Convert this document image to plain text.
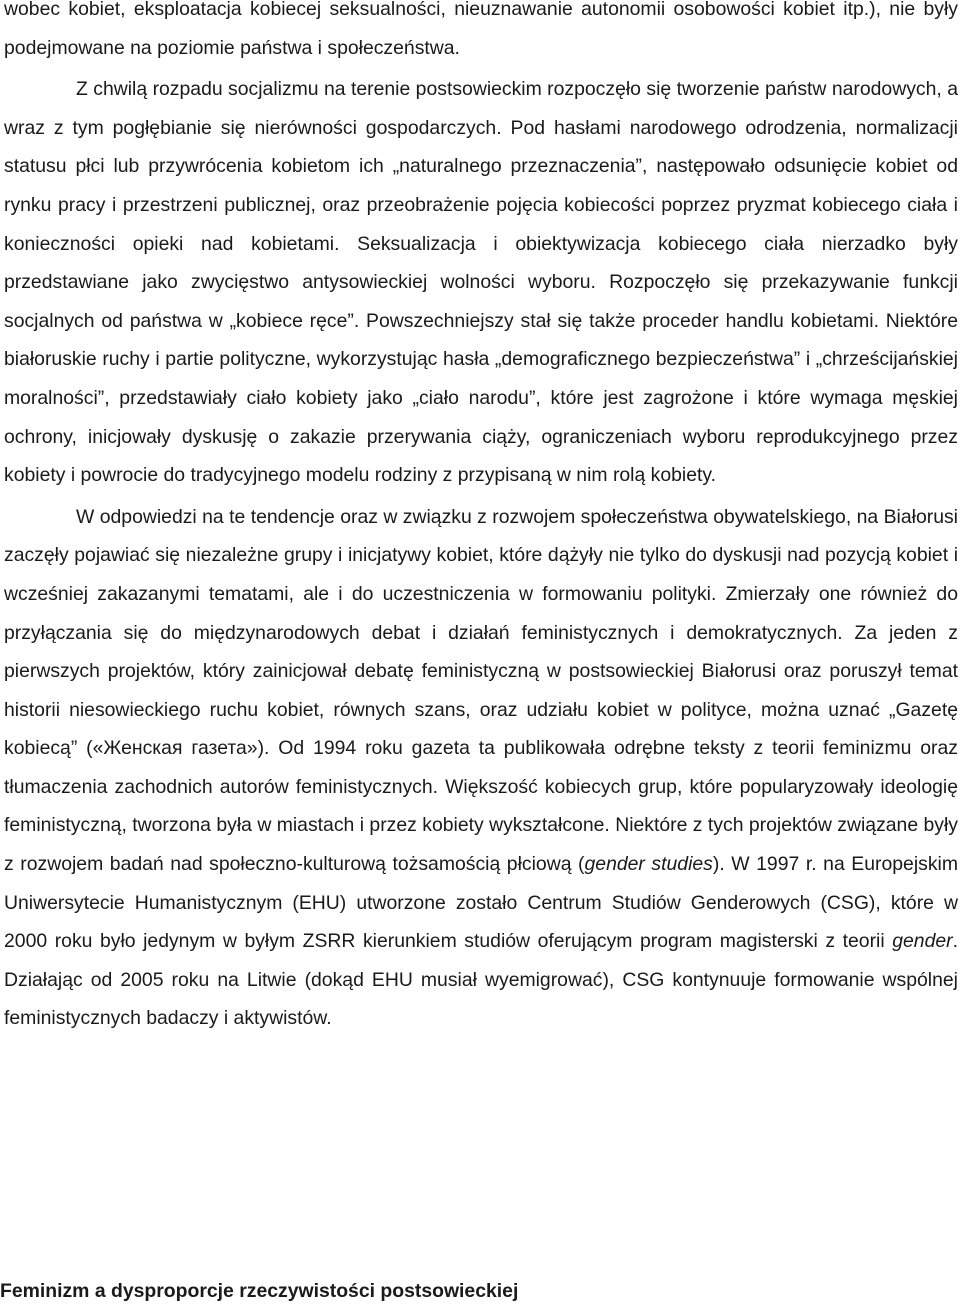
wobec kobiet, eksploatacja kobiecej seksualności, nieuznawanie autonomii osobowości kobiet itp.), nie były podejmowane na poziomie państwa i społeczeństwa.

Z chwilą rozpadu socjalizmu na terenie postsowieckim rozpoczęło się tworzenie państw narodowych, a wraz z tym pogłębianie się nierówności gospodarczych. Pod hasłami narodowego odrodzenia, normalizacji statusu płci lub przywrócenia kobietom ich „naturalnego przeznaczenia”, następowało odsunięcie kobiet od rynku pracy i przestrzeni publicznej, oraz przeobrażenie pojęcia kobiecości poprzez pryzmat kobiecego ciała i konieczności opieki nad kobietami. Seksualizacja i obiektywizacja kobiecego ciała nierzadko były przedstawiane jako zwycięstwo antysowieckiej wolności wyboru. Rozpoczęło się przekazywanie funkcji socjalnych od państwa w „kobiece ręce”. Powszechniejszy stał się także proceder handlu kobietami. Niektóre białoruskie ruchy i partie polityczne, wykorzystując hasła „demograficznego bezpieczeństwa” i „chrześcijańskiej moralności”, przedstawiały ciało kobiety jako „ciało narodu”, które jest zagrożone i które wymaga męskiej ochrony, inicjowały dyskusję o zakazie przerywania ciąży, ograniczeniach wyboru reprodukcyjnego przez kobiety i powrocie do tradycyjnego modelu rodziny z przypisaną w nim rolą kobiety.

W odpowiedzi na te tendencje oraz w związku z rozwojem społeczeństwa obywatelskiego, na Białorusi zaczęły pojawiać się niezależne grupy i inicjatywy kobiet, które dążyły nie tylko do dyskusji nad pozycją kobiet i wcześniej zakazanymi tematami, ale i do uczestniczenia w formowaniu polityki. Zmierzały one również do przyłączania się do międzynarodowych debat i działań feministycznych i demokratycznych. Za jeden z pierwszych projektów, który zainicjował debatę feministyczną w postsowieckiej Białorusi oraz poruszył temat historii niesowieckiego ruchu kobiet, równych szans, oraz udziału kobiet w polityce, można uznać „Gazetę kobiecą” («Женская газета»). Od 1994 roku gazeta ta publikowała odrębne teksty z teorii feminizmu oraz tłumaczenia zachodnich autorów feministycznych. Większość kobiecych grup, które popularyzowały ideologię feministyczną, tworzona była w miastach i przez kobiety wykształcone. Niektóre z tych projektów związane były z rozwojem badań nad społeczno-kulturową tożsamością płciową (gender studies). W 1997 r. na Europejskim Uniwersytecie Humanistycznym (EHU) utworzone zostało Centrum Studiów Genderowych (CSG), które w 2000 roku było jedynym w byłym ZSRR kierunkiem studiów oferującym program magisterski z teorii gender. Działając od 2005 roku na Litwie (dokąd EHU musiał wyemigrować), CSG kontynuuje formowanie wspólnej feministycznych badaczy i aktywistów.

Feminizm a dysproporcje rzeczywistości postsowieckiej
